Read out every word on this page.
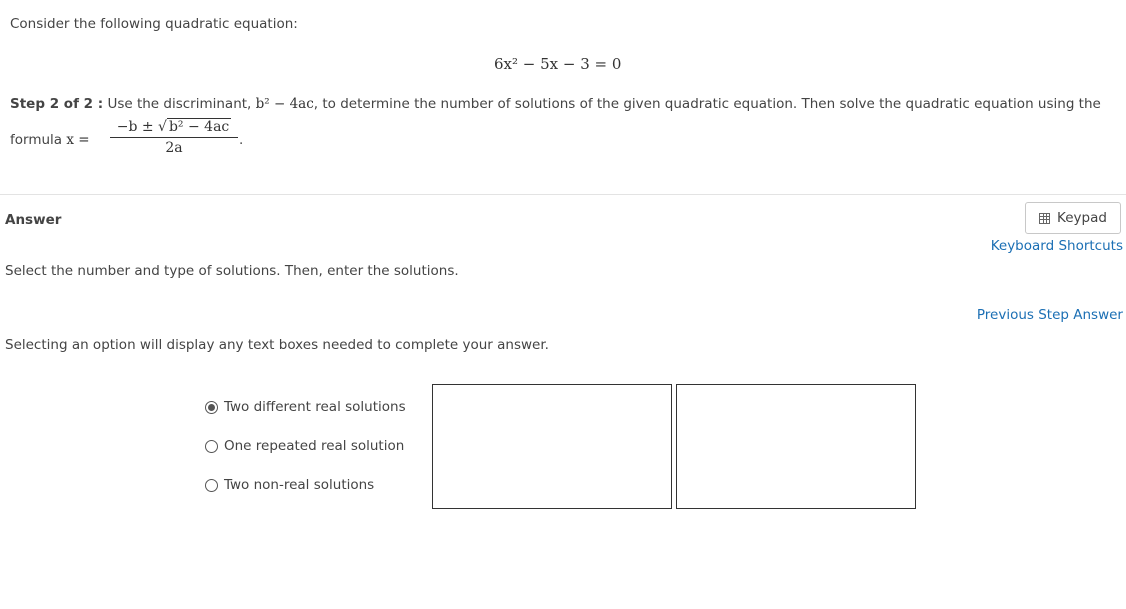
Consider the following quadratic equation:
6x² − 5x − 3 = 0
Step 2 of 2 : Use the discriminant, b² − 4ac, to determine the number of solutions of the given quadratic equation. Then solve the quadratic equation using the
formula $x = \frac{\text{−b ± √ b² − 4ac}}{2a}$ .
Answer	Keypad
Keyboard Shortcuts
Select the number and type of solutions. Then, enter the solutions.
Previous Step Answer
Selecting an option will display any text boxes needed to complete your answer.
Two different real solutions
One repeated real solution
Two non-real solutions
